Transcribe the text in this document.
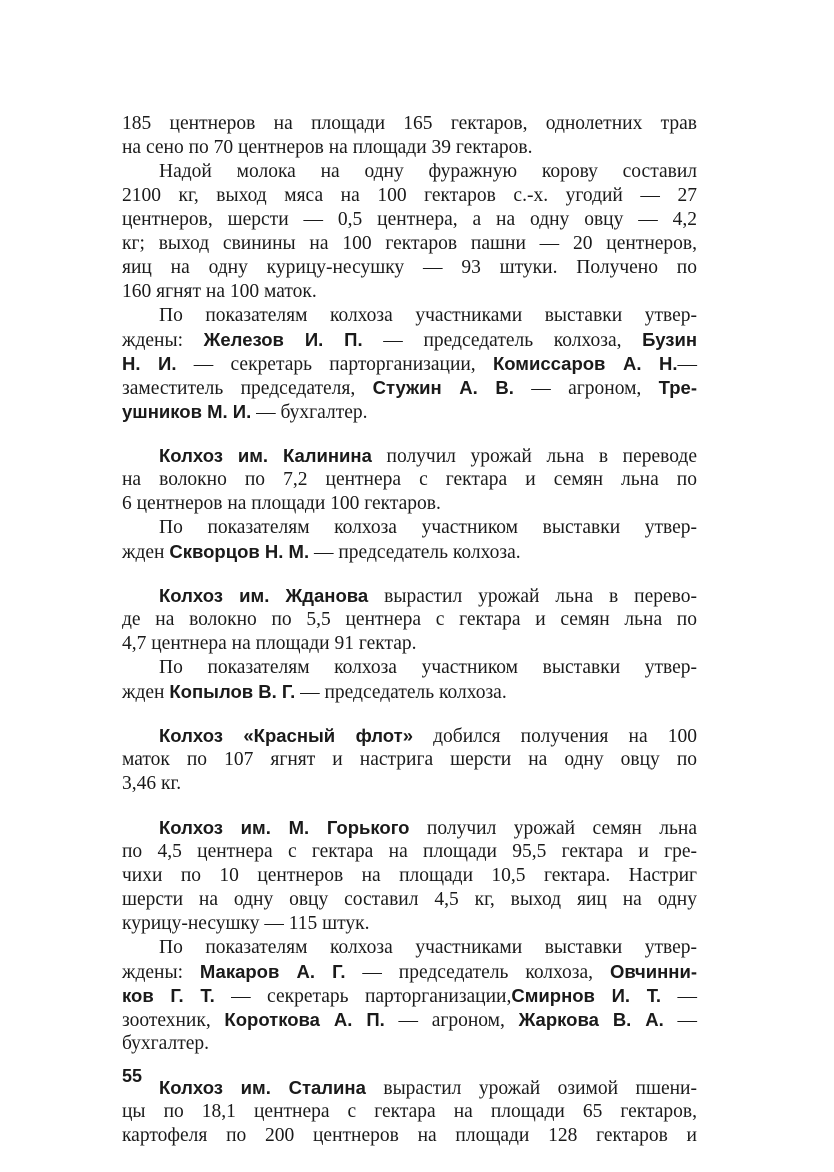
185 центнеров на площади 165 гектаров, однолетних трав
на сено по 70 центнеров на площади 39 гектаров.
Надой молока на одну фуражную корову составил
2100 кг, выход мяса на 100 гектаров с.-х. угодий — 27
центнеров, шерсти — 0,5 центнера, а на одну овцу — 4,2
кг; выход свинины на 100 гектаров пашни — 20 центнеров,
яиц на одну курицу-несушку — 93 штуки. Получено по
160 ягнят на 100 маток.
По показателям колхоза участниками выставки утвер-
ждены: Железов И. П. — председатель колхоза, Бузин
Н. И. — секретарь парторганизации, Комиссаров А. Н.—
заместитель председателя, Стужин А. В. — агроном, Тре-
ушников М. И. — бухгалтер.
Колхоз им. Калинина получил урожай льна в переводе
на волокно по 7,2 центнера с гектара и семян льна по
6 центнеров на площади 100 гектаров.
По показателям колхоза участником выставки утвер-
жден Скворцов Н. М. — председатель колхоза.
Колхоз им. Жданова вырастил урожай льна в перево-
де на волокно по 5,5 центнера с гектара и семян льна по
4,7 центнера на площади 91 гектар.
По показателям колхоза участником выставки утвер-
жден Копылов В. Г. — председатель колхоза.
Колхоз «Красный флот» добился получения на 100
маток по 107 ягнят и настрига шерсти на одну овцу по
3,46 кг.
Колхоз им. М. Горького получил урожай семян льна
по 4,5 центнера с гектара на площади 95,5 гектара и гре-
чихи по 10 центнеров на площади 10,5 гектара. Настриг
шерсти на одну овцу составил 4,5 кг, выход яиц на одну
курицу-несушку — 115 штук.
По показателям колхоза участниками выставки утвер-
ждены: Макаров А. Г. — председатель колхоза, Овчинни-
ков Г. Т. — секретарь парторганизации,Смирнов И. Т. —
зоотехник, Короткова А. П. — агроном, Жаркова В. А. —
бухгалтер.
Колхоз им. Сталина вырастил урожай озимой пшени-
цы по 18,1 центнера с гектара на площади 65 гектаров,
картофеля по 200 центнеров на площади 128 гектаров и
55
